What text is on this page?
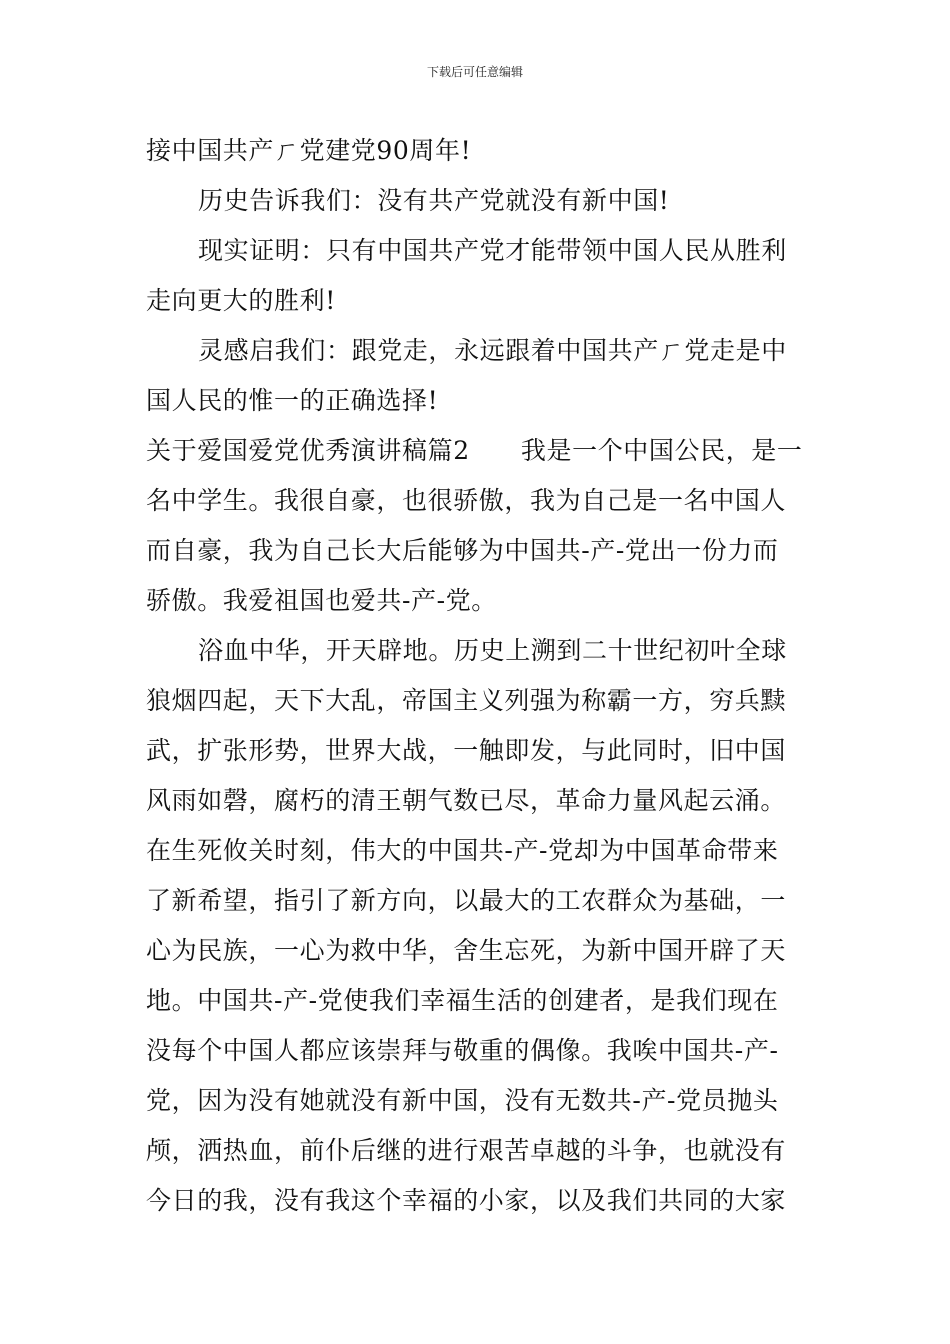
下载后可任意编辑
接中国共产ㄏ党建党90周年!
历史告诉我们：没有共产党就没有新中国!
现实证明：只有中国共产党才能带领中国人民从胜利
走向更大的胜利!
灵感启我们：跟党走，永远跟着中国共产ㄏ党走是中
国人民的惟一的正确选择!
关于爱国爱党优秀演讲稿篇2　　我是一个中国公民，是一
名中学生。我很自豪，也很骄傲，我为自己是一名中国人
而自豪，我为自己长大后能够为中国共-产-党出一份力而
骄傲。我爱祖国也爱共-产-党。
浴血中华，开天辟地。历史上溯到二十世纪初叶全球
狼烟四起，天下大乱，帝国主义列强为称霸一方，穷兵黩
武，扩张形势，世界大战，一触即发，与此同时，旧中国
风雨如磬，腐朽的清王朝气数已尽，革命力量风起云涌。
在生死攸关时刻，伟大的中国共-产-党却为中国革命带来
了新希望，指引了新方向，以最大的工农群众为基础，一
心为民族，一心为救中华，舍生忘死，为新中国开辟了天
地。中国共-产-党使我们幸福生活的创建者，是我们现在
没每个中国人都应该崇拜与敬重的偶像。我唉中国共-产-
党，因为没有她就没有新中国，没有无数共-产-党员抛头
颅，洒热血，前仆后继的进行艰苦卓越的斗争，也就没有
今日的我，没有我这个幸福的小家，以及我们共同的大家
